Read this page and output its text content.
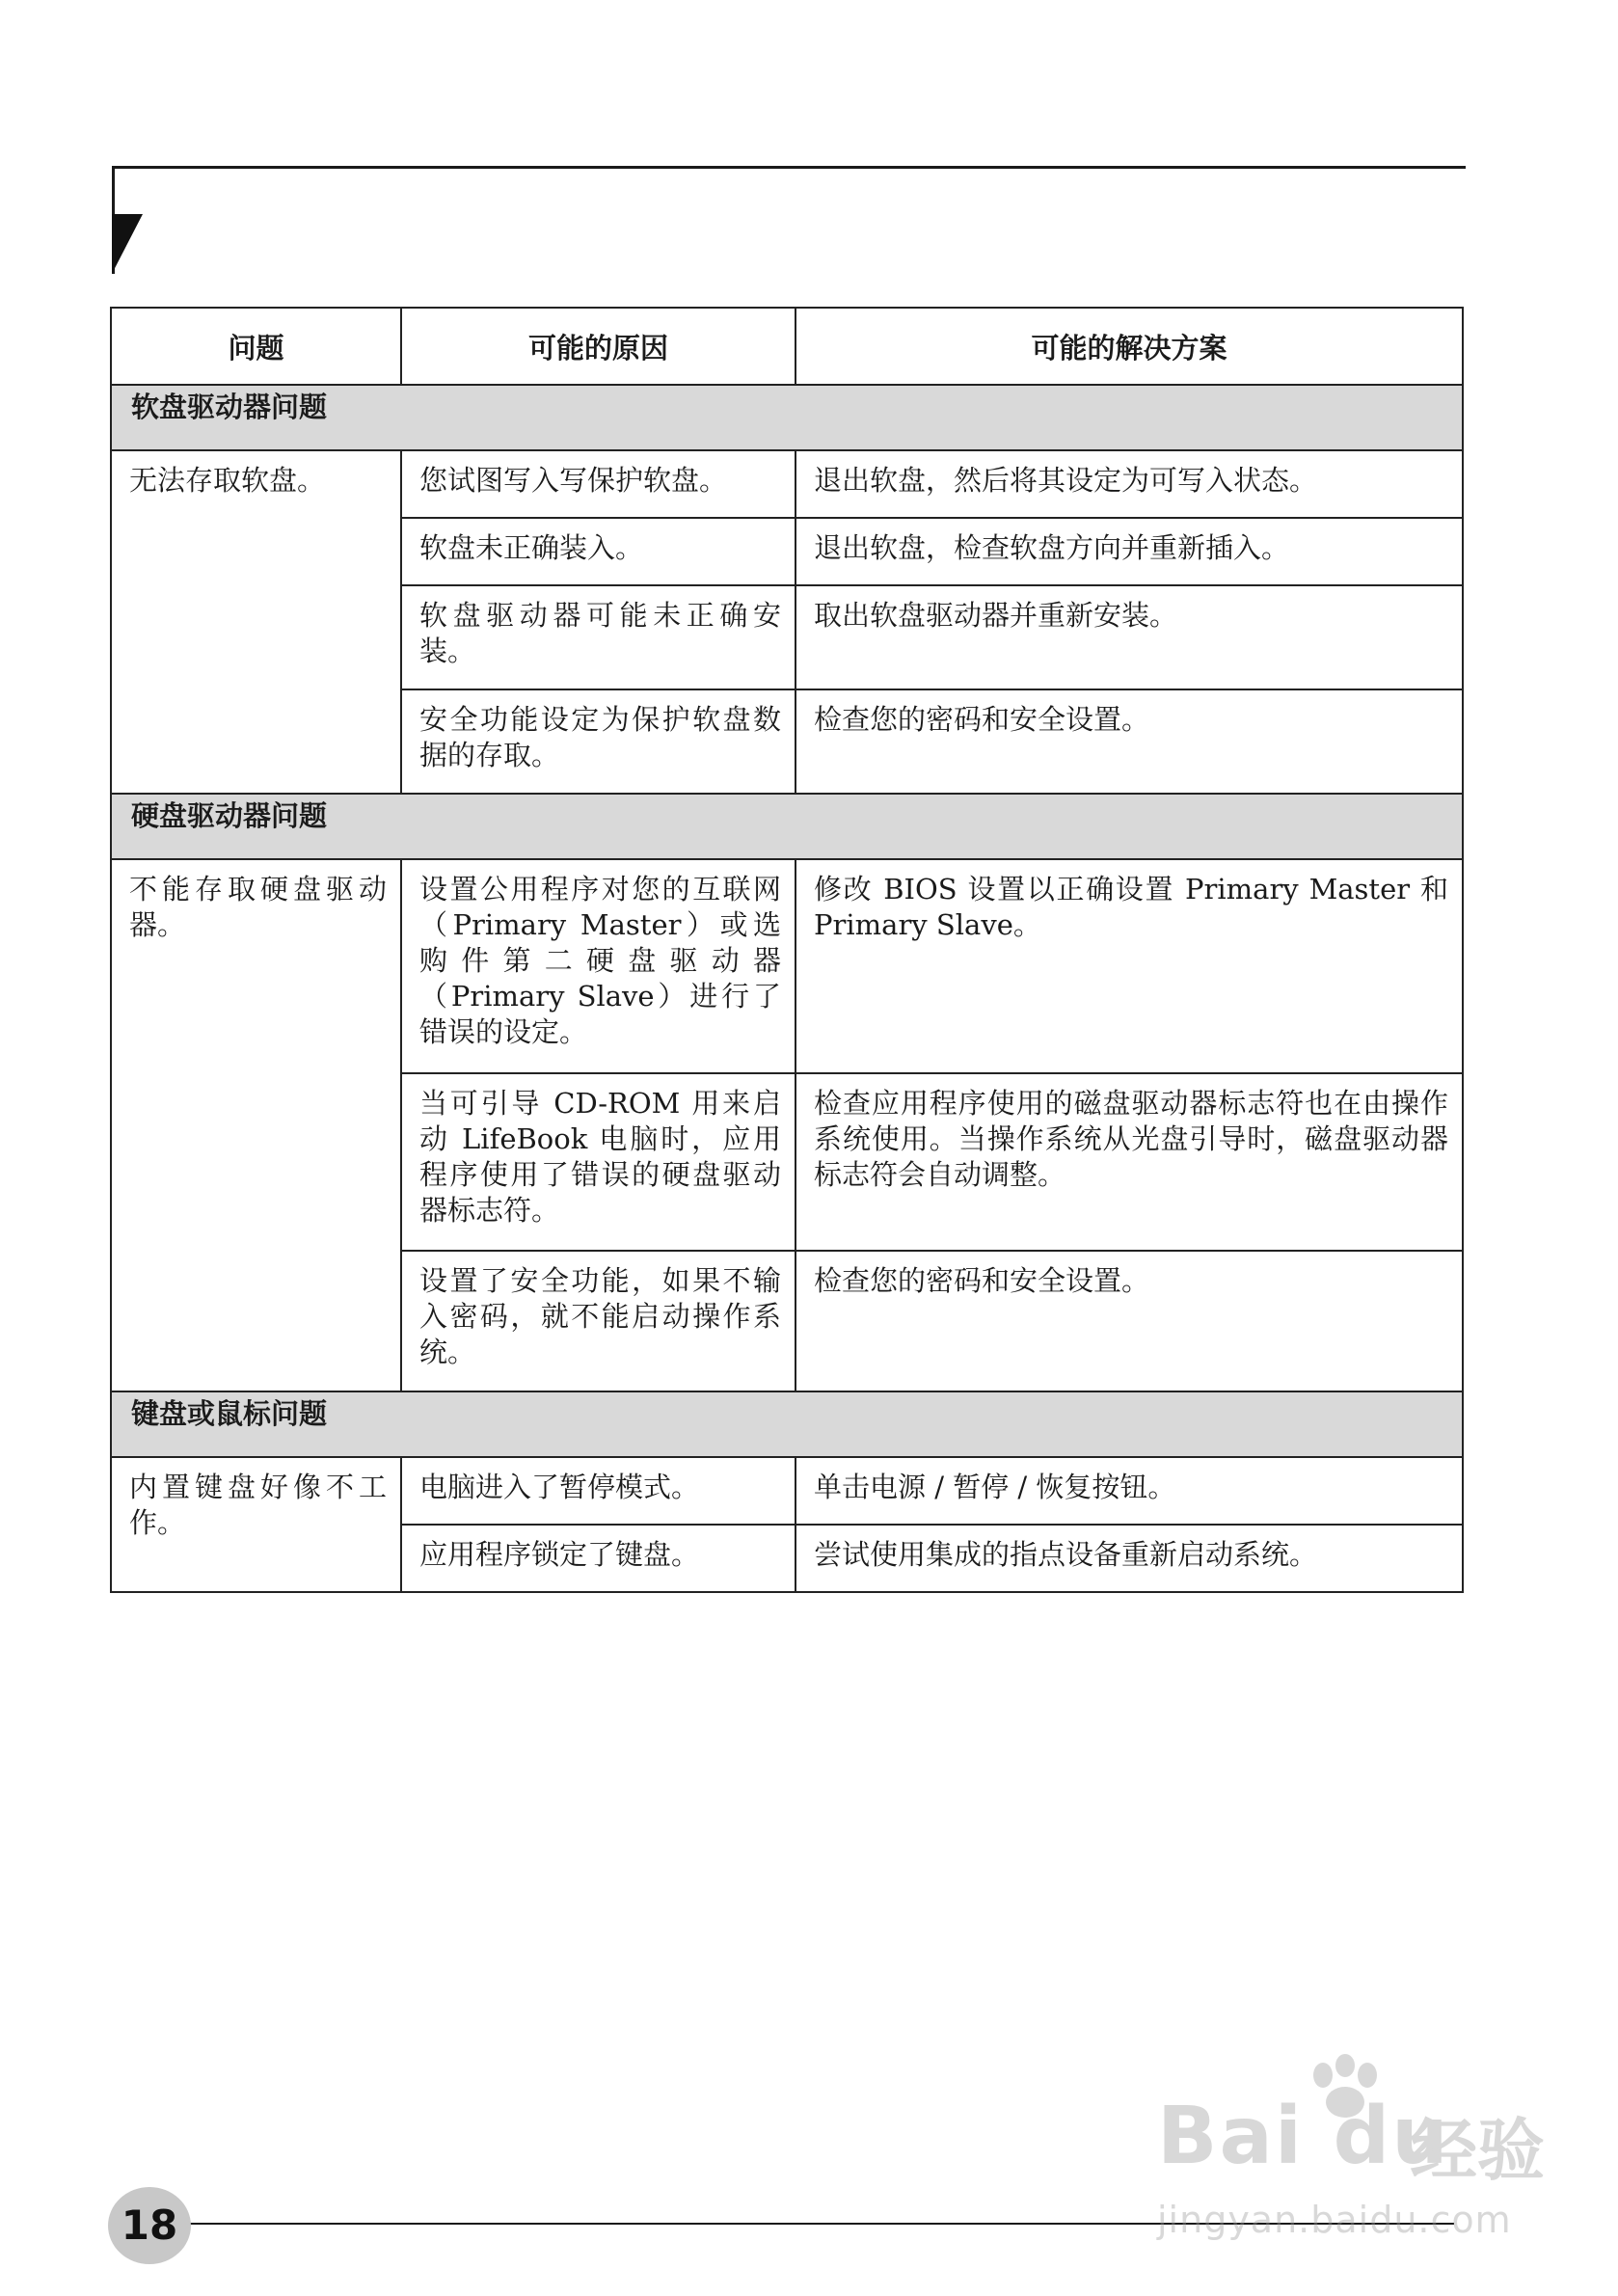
问题	可能的原因	可能的解决方案
软盘驱动器问题		
无法存取软盘。	您试图写入写保护软盘。	退出软盘，然后将其设定为可写入状态。
	软盘未正确装入。	退出软盘，检查软盘方向并重新插入。
	软盘驱动器可能未正确安装。	取出软盘驱动器并重新安装。
	安全功能设定为保护软盘数据的存取。	检查您的密码和安全设置。
硬盘驱动器问题		
不能存取硬盘驱动器。	设置公用程序对您的互联网（Primary Master）或选购件第二硬盘驱动器（Primary Slave）进行了错误的设定。	修改 BIOS 设置以正确设置 Primary Master 和 Primary Slave。
	当可引导 CD-ROM 用来启动 LifeBook 电脑时，应用程序使用了错误的硬盘驱动器标志符。	检查应用程序使用的磁盘驱动器标志符也在由操作系统使用。当操作系统从光盘引导时，磁盘驱动器标志符会自动调整。
	设置了安全功能，如果不输入密码，就不能启动操作系统。	检查您的密码和安全设置。
键盘或鼠标问题		
内置键盘好像不工作。	电脑进入了暂停模式。	单击电源 / 暂停 / 恢复按钮。
	应用程序锁定了键盘。	尝试使用集成的指点设备重新启动系统。
18
Bai du
经验
jingyan.baidu.com
